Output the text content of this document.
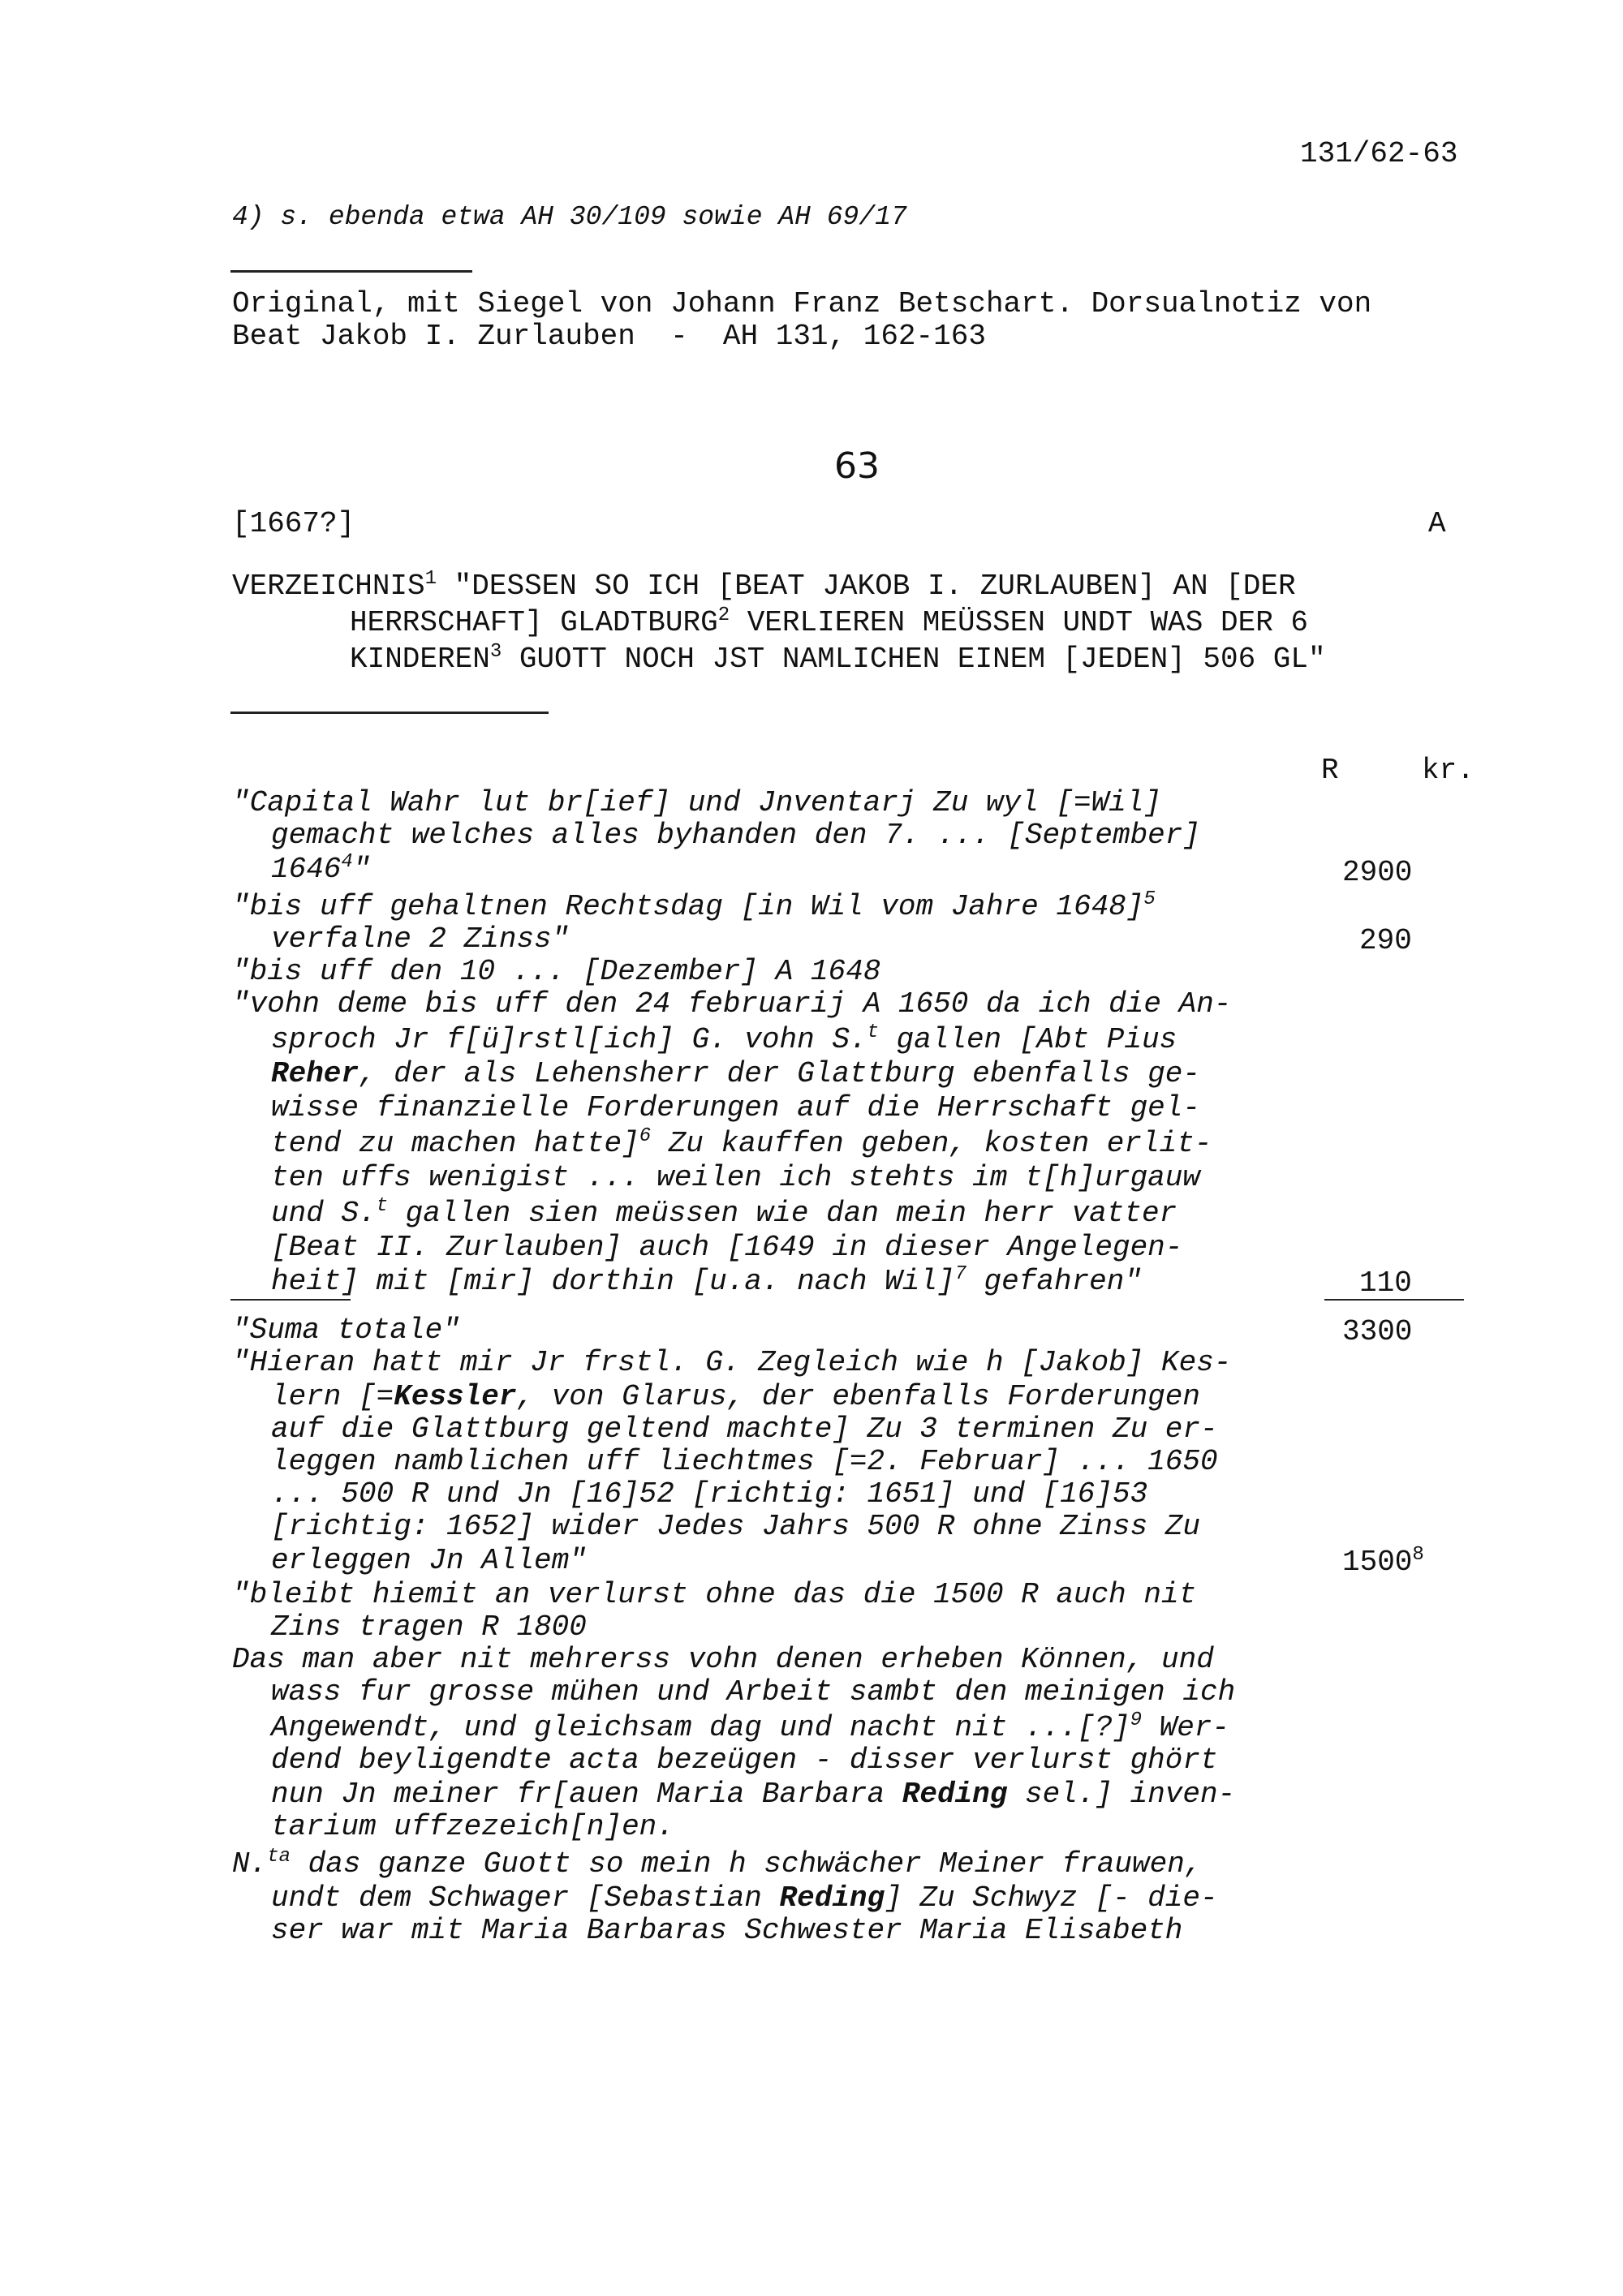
131/62-63
4) s. ebenda etwa AH 30/109 sowie AH 69/17
Original, mit Siegel von Johann Franz Betschart. Dorsualnotiz von
Beat Jakob I. Zurlauben  -  AH 131, 162-163
63
[1667?]	A
VERZEICHNIS$^1$ "DESSEN SO ICH [BEAT JAKOB I. ZURLAUBEN] AN [DER
HERRSCHAFT] GLADTBURG$^2$ VERLIEREN MEÜSSEN UNDT WAS DER 6
KINDEREN$^3$ GUOTT NOCH JST NAMLICHEN EINEM [JEDEN] 506 GL"
R	kr.
"Capital Wahr lut br[ief] und Jnventarj Zu wyl [=Wil]
gemacht welches alles byhanden den 7. ... [September]
1646$^4$"	2900
"bis uff gehaltnen Rechtsdag [in Wil vom Jahre 1648]$^5$
verfalne 2 Zinss"	290
"bis uff den 10 ... [Dezember] A 1648
"vohn deme bis uff den 24 februarij A 1650 da ich die An-
sproch Jr f[ü]rstl[ich] G. vohn S.$^t$ gallen [Abt Pius
Reher, der als Lehensherr der Glattburg ebenfalls ge-
wisse finanzielle Forderungen auf die Herrschaft gel-
tend zu machen hatte]$^6$ Zu kauffen geben, kosten erlit-
ten uffs wenigist ... weilen ich stehts im t[h]urgauw
und S.$^t$ gallen sien meüssen wie dan mein herr vatter
[Beat II. Zurlauben] auch [1649 in dieser Angelegen-
heit] mit [mir] dorthin [u.a. nach Wil]$^7$ gefahren"	110
"Suma totale"	3300
"Hieran hatt mir Jr frstl. G. Zegleich wie h [Jakob] Kes-
lern [=Kessler, von Glarus, der ebenfalls Forderungen
auf die Glattburg geltend machte] Zu 3 terminen Zu er-
leggen namblichen uff liechtmes [=2. Februar] ... 1650
... 500 R und Jn [16]52 [richtig: 1651] und [16]53
[richtig: 1652] wider Jedes Jahrs 500 R ohne Zinss Zu
erleggen Jn Allem"	1500$^8$
"bleibt hiemit an verlurst ohne das die 1500 R auch nit
Zins tragen R 1800
Das man aber nit mehrerss vohn denen erheben Können, und
wass fur grosse mühen und Arbeit sambt den meinigen ich
Angewendt, und gleichsam dag und nacht nit ...[?]$^9$ Wer-
dend beyligendte acta bezeügen - disser verlurst ghört
nun Jn meiner fr[auen Maria Barbara Reding sel.] inven-
tarium uffzezeich[n]en.
N.$^{ta}$ das ganze Guott so mein h schwächer Meiner frauwen,
undt dem Schwager [Sebastian Reding] Zu Schwyz [- die-
ser war mit Maria Barbaras Schwester Maria Elisabeth
